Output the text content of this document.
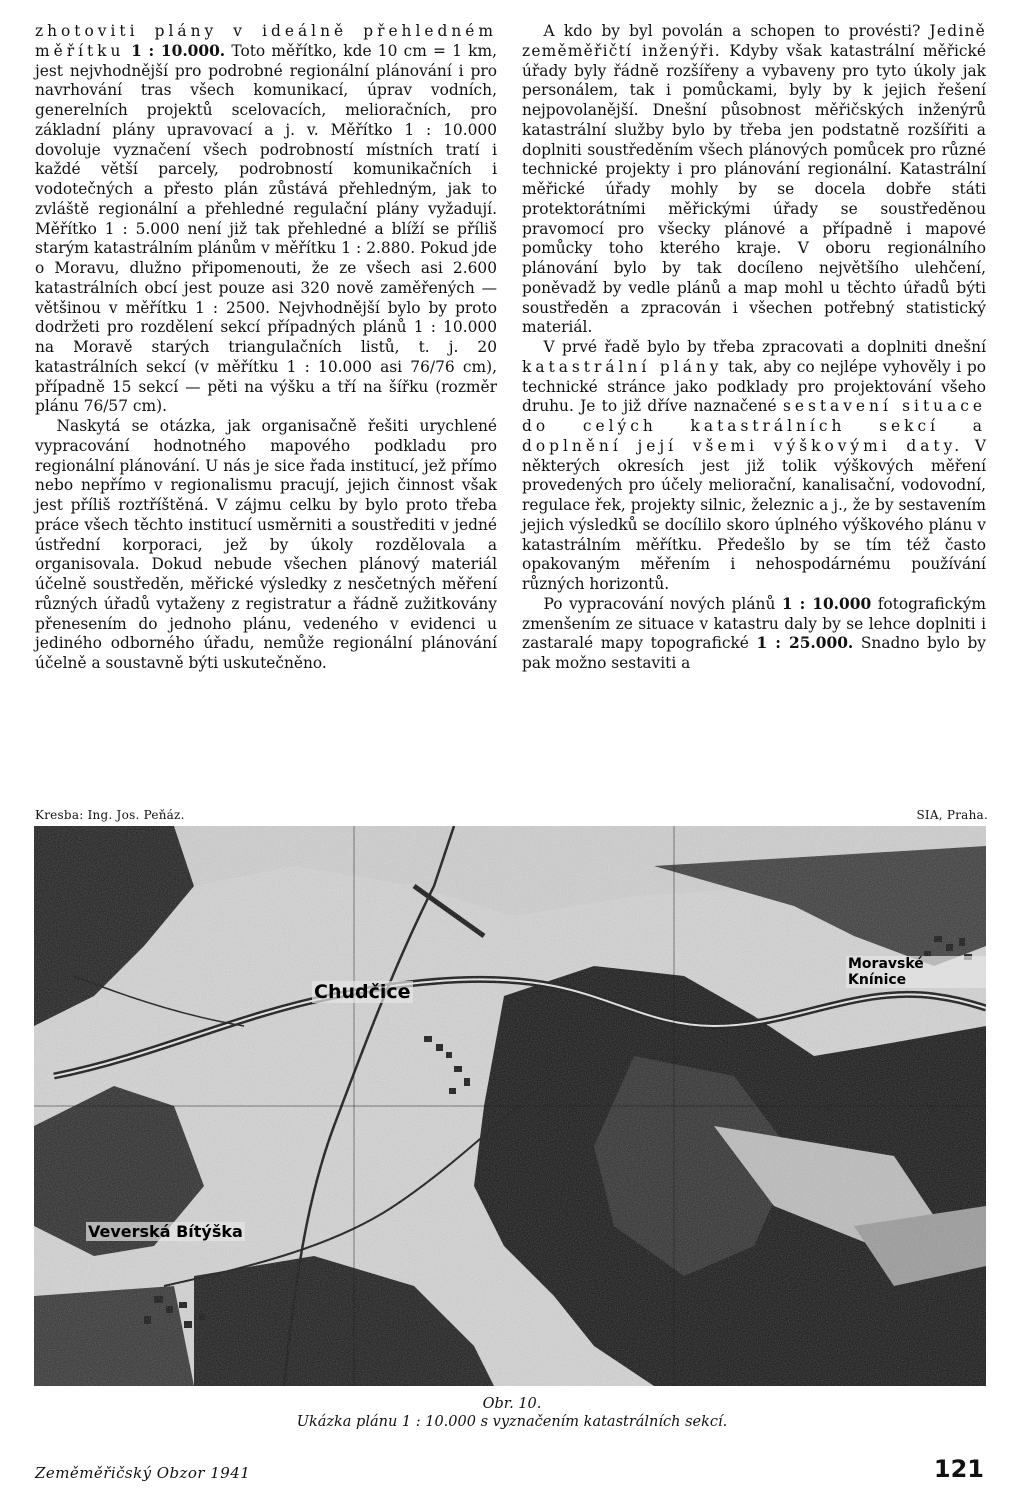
zhotoviti plány v ideálně přehledném měřítku 1 : 10.000. Toto měřítko, kde 10 cm = 1 km, jest nejvhodnější pro podrobné regionální plánování i pro navrhování tras všech komunikací, úprav vodních, generelních projektů scelovacích, melioračních, pro základní plány upravovací a j. v. Měřítko 1 : 10.000 dovoluje vyznačení všech podrobností místních tratí i každé větší parcely, podrobností komunikačních i vodotečných a přesto plán zůstává přehledným, jak to zvláště regionální a přehledné regulační plány vyžadují. Měřítko 1 : 5.000 není již tak přehledné a blíží se příliš starým katastrálním plánům v měřítku 1 : 2.880. Pokud jde o Moravu, dlužno připomenouti, že ze všech asi 2.600 katastrálních obcí jest pouze asi 320 nově zaměřených — většinou v měřítku 1 : 2500. Nejvhodnější bylo by proto dodržeti pro rozdělení sekcí případných plánů 1 : 10.000 na Moravě starých triangulačních listů, t. j. 20 katastrálních sekcí (v měřítku 1 : 10.000 asi 76/76 cm), případně 15 sekcí — pěti na výšku a tří na šířku (rozměr plánu 76/57 cm).

Naskytá se otázka, jak organisačně řešiti urychlené vypracování hodnotného mapového podkladu pro regionální plánování. U nás je sice řada institucí, jež přímo nebo nepřímo v regionalismu pracují, jejich činnost však jest příliš roztříštěná. V zájmu celku by bylo proto třeba práce všech těchto institucí usměrniti a soustřediti v jedné ústřední korporaci, jež by úkoly rozdělovala a organisovala. Dokud nebude všechen plánový materiál účelně soustředěn, měřické výsledky z nesčetných měření různých úřadů vytaženy z registratur a řádně zužitkovány přenesením do jednoho plánu, vedeného v evidenci u jediného odborného úřadu, nemůže regionální plánování účelně a soustavně býti uskutečněno.

A kdo by byl povolán a schopen to provésti? Jedině zeměměřičtí inženýři. Kdyby však katastrální měřické úřady byly řádně rozšířeny a vybaveny pro tyto úkoly jak personálem, tak i pomůckami, byly by k jejich řešení nejpovolanější. Dnešní působnost měřičských inženýrů katastrální služby bylo by třeba jen podstatně rozšířiti a doplniti soustředěním všech plánových pomůcek pro různé technické projekty i pro plánování regionální. Katastrální měřické úřady mohly by se docela dobře státi protektorátními měřickými úřady se soustředěnou pravomocí pro všecky plánové a případně i mapové pomůcky toho kterého kraje. V oboru regionálního plánování bylo by tak docíleno největšího ulehčení, poněvadž by vedle plánů a map mohl u těchto úřadů býti soustředěn a zpracován i všechen potřebný statistický materiál.

V prvé řadě bylo by třeba zpracovati a doplniti dnešní katastrální plány tak, aby co nejlépe vyhověly i po technické stránce jako podklady pro projektování všeho druhu. Je to již dříve naznačené sestavení situace do celých katastrálních sekcí a doplnění její všemi výškovými daty. V některých okresích jest již tolik výškových měření provedených pro účely meliorační, kanalisační, vodovodní, regulace řek, projekty silnic, železnic a j., že by sestavením jejich výsledků se docílilo skoro úplného výškového plánu v katastrálním měřítku. Předešlo by se tím též často opakovaným měřením i nehospodárnému používání různých horizontů.

Po vypracování nových plánů 1 : 10.000 fotografickým zmenšením ze situace v katastru daly by se lehce doplniti i zastaralé mapy topografické 1 : 25.000. Snadno bylo by pak možno sestaviti a

Kresba: Ing. Jos. Peňáz.	SIA, Praha.
Chudčice
Veverská Bítýška
Moravské Knínice
Obr. 10.
Ukázka plánu 1 : 10.000 s vyznačením katastrálních sekcí.
Zeměměřičský Obzor 1941	121
